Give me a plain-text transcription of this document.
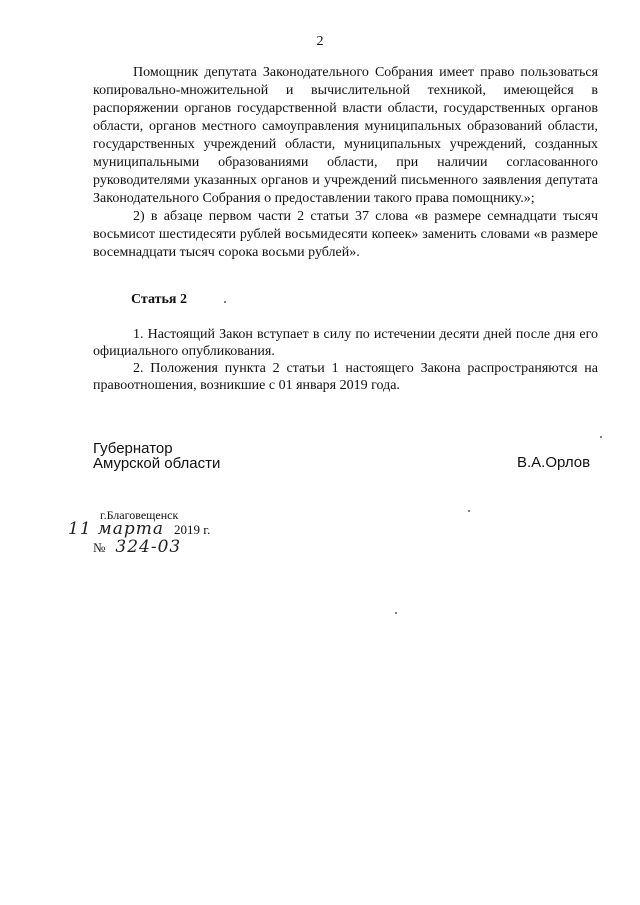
2

Помощник депутата Законодательного Собрания имеет право пользоваться копировально-множительной и вычислительной техникой, имеющейся в распоряжении органов государственной власти области, государственных органов области, органов местного самоуправления муниципальных образований области, государственных учреждений области, муниципальных учреждений, созданных муниципальными образованиями области, при наличии согласованного руководителями указанных органов и учреждений письменного заявления депутата Законодательного Собрания о предоставлении такого права помощнику.»;

2) в абзаце первом части 2 статьи 37 слова «в размере семнадцати тысяч восьмисот шестидесяти рублей восьмидесяти копеек» заменить словами «в размере восемнадцати тысяч сорока восьми рублей».

Статья 2

1. Настоящий Закон вступает в силу по истечении десяти дней после дня его официального опубликования.

2. Положения пункта 2 статьи 1 настоящего Закона распространяются на правоотношения, возникшие с 01 января 2019 года.

Губернатор
Амурской области	В.А.Орлов
г.Благовещенск
11 марта 2019 г.
№ 324-03
